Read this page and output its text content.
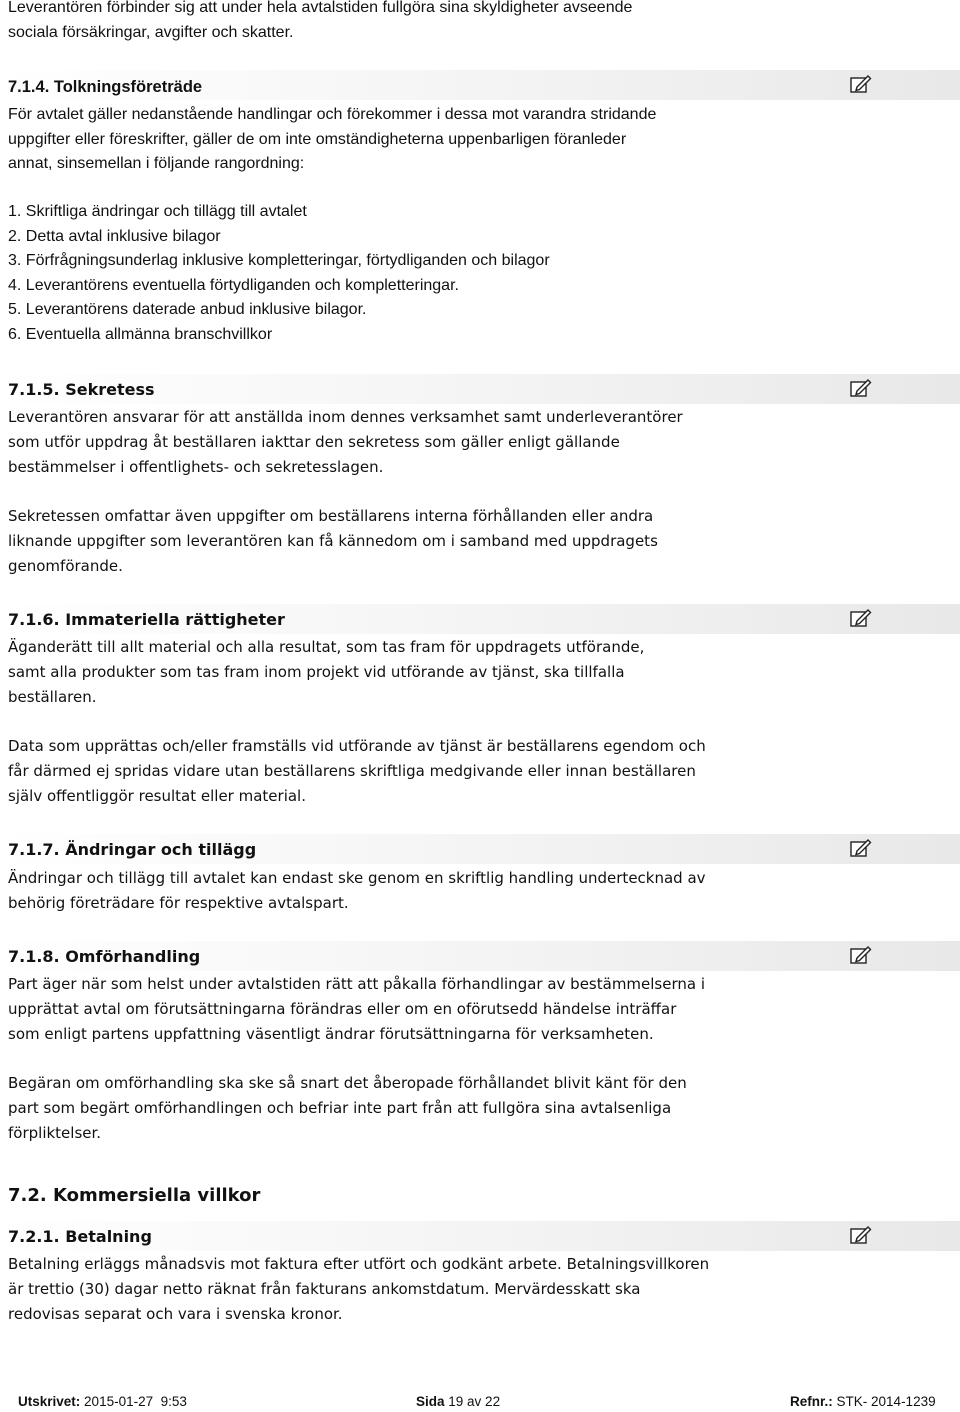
Leverantören förbinder sig att under hela avtalstiden fullgöra sina skyldigheter avseende
sociala försäkringar, avgifter och skatter.
7.1.4. Tolkningsföreträde
För avtalet gäller nedanstående handlingar och förekommer i dessa mot varandra stridande
uppgifter eller föreskrifter, gäller de om inte omständigheterna uppenbarligen föranleder
annat, sinsemellan i följande rangordning:
1. Skriftliga ändringar och tillägg till avtalet
2. Detta avtal inklusive bilagor
3. Förfrågningsunderlag inklusive kompletteringar, förtydliganden och bilagor
4. Leverantörens eventuella förtydliganden och kompletteringar.
5. Leverantörens daterade anbud inklusive bilagor.
6. Eventuella allmänna branschvillkor
7.1.5. Sekretess
Leverantören ansvarar för att anställda inom dennes verksamhet samt underleverantörer
som utför uppdrag åt beställaren iakttar den sekretess som gäller enligt gällande
bestämmelser i offentlighets- och sekretesslagen.
Sekretessen omfattar även uppgifter om beställarens interna förhållanden eller andra
liknande uppgifter som leverantören kan få kännedom om i samband med uppdragets
genomförande.
7.1.6. Immateriella rättigheter
Äganderätt till allt material och alla resultat, som tas fram för uppdragets utförande,
samt alla produkter som tas fram inom projekt vid utförande av tjänst, ska tillfalla
beställaren.
Data som upprättas och/eller framställs vid utförande av tjänst är beställarens egendom och
får därmed ej spridas vidare utan beställarens skriftliga medgivande eller innan beställaren
själv offentliggör resultat eller material.
7.1.7. Ändringar och tillägg
Ändringar och tillägg till avtalet kan endast ske genom en skriftlig handling undertecknad av
behörig företrädare för respektive avtalspart.
7.1.8. Omförhandling
Part äger när som helst under avtalstiden rätt att påkalla förhandlingar av bestämmelserna i
upprättat avtal om förutsättningarna förändras eller om en oförutsedd händelse inträffar
som enligt partens uppfattning väsentligt ändrar förutsättningarna för verksamheten.
Begäran om omförhandling ska ske så snart det åberopade förhållandet blivit känt för den
part som begärt omförhandlingen och befriar inte part från att fullgöra sina avtalsenliga
förpliktelser.
7.2. Kommersiella villkor
7.2.1. Betalning
Betalning erläggs månadsvis mot faktura efter utfört och godkänt arbete. Betalningsvillkoren
är trettio (30) dagar netto räknat från fakturans ankomstdatum. Mervärdesskatt ska
redovisas separat och vara i svenska kronor.
Utskrivet: 2015-01-27  9:53	Sida 19 av 22	Refnr.: STK- 2014-1239
